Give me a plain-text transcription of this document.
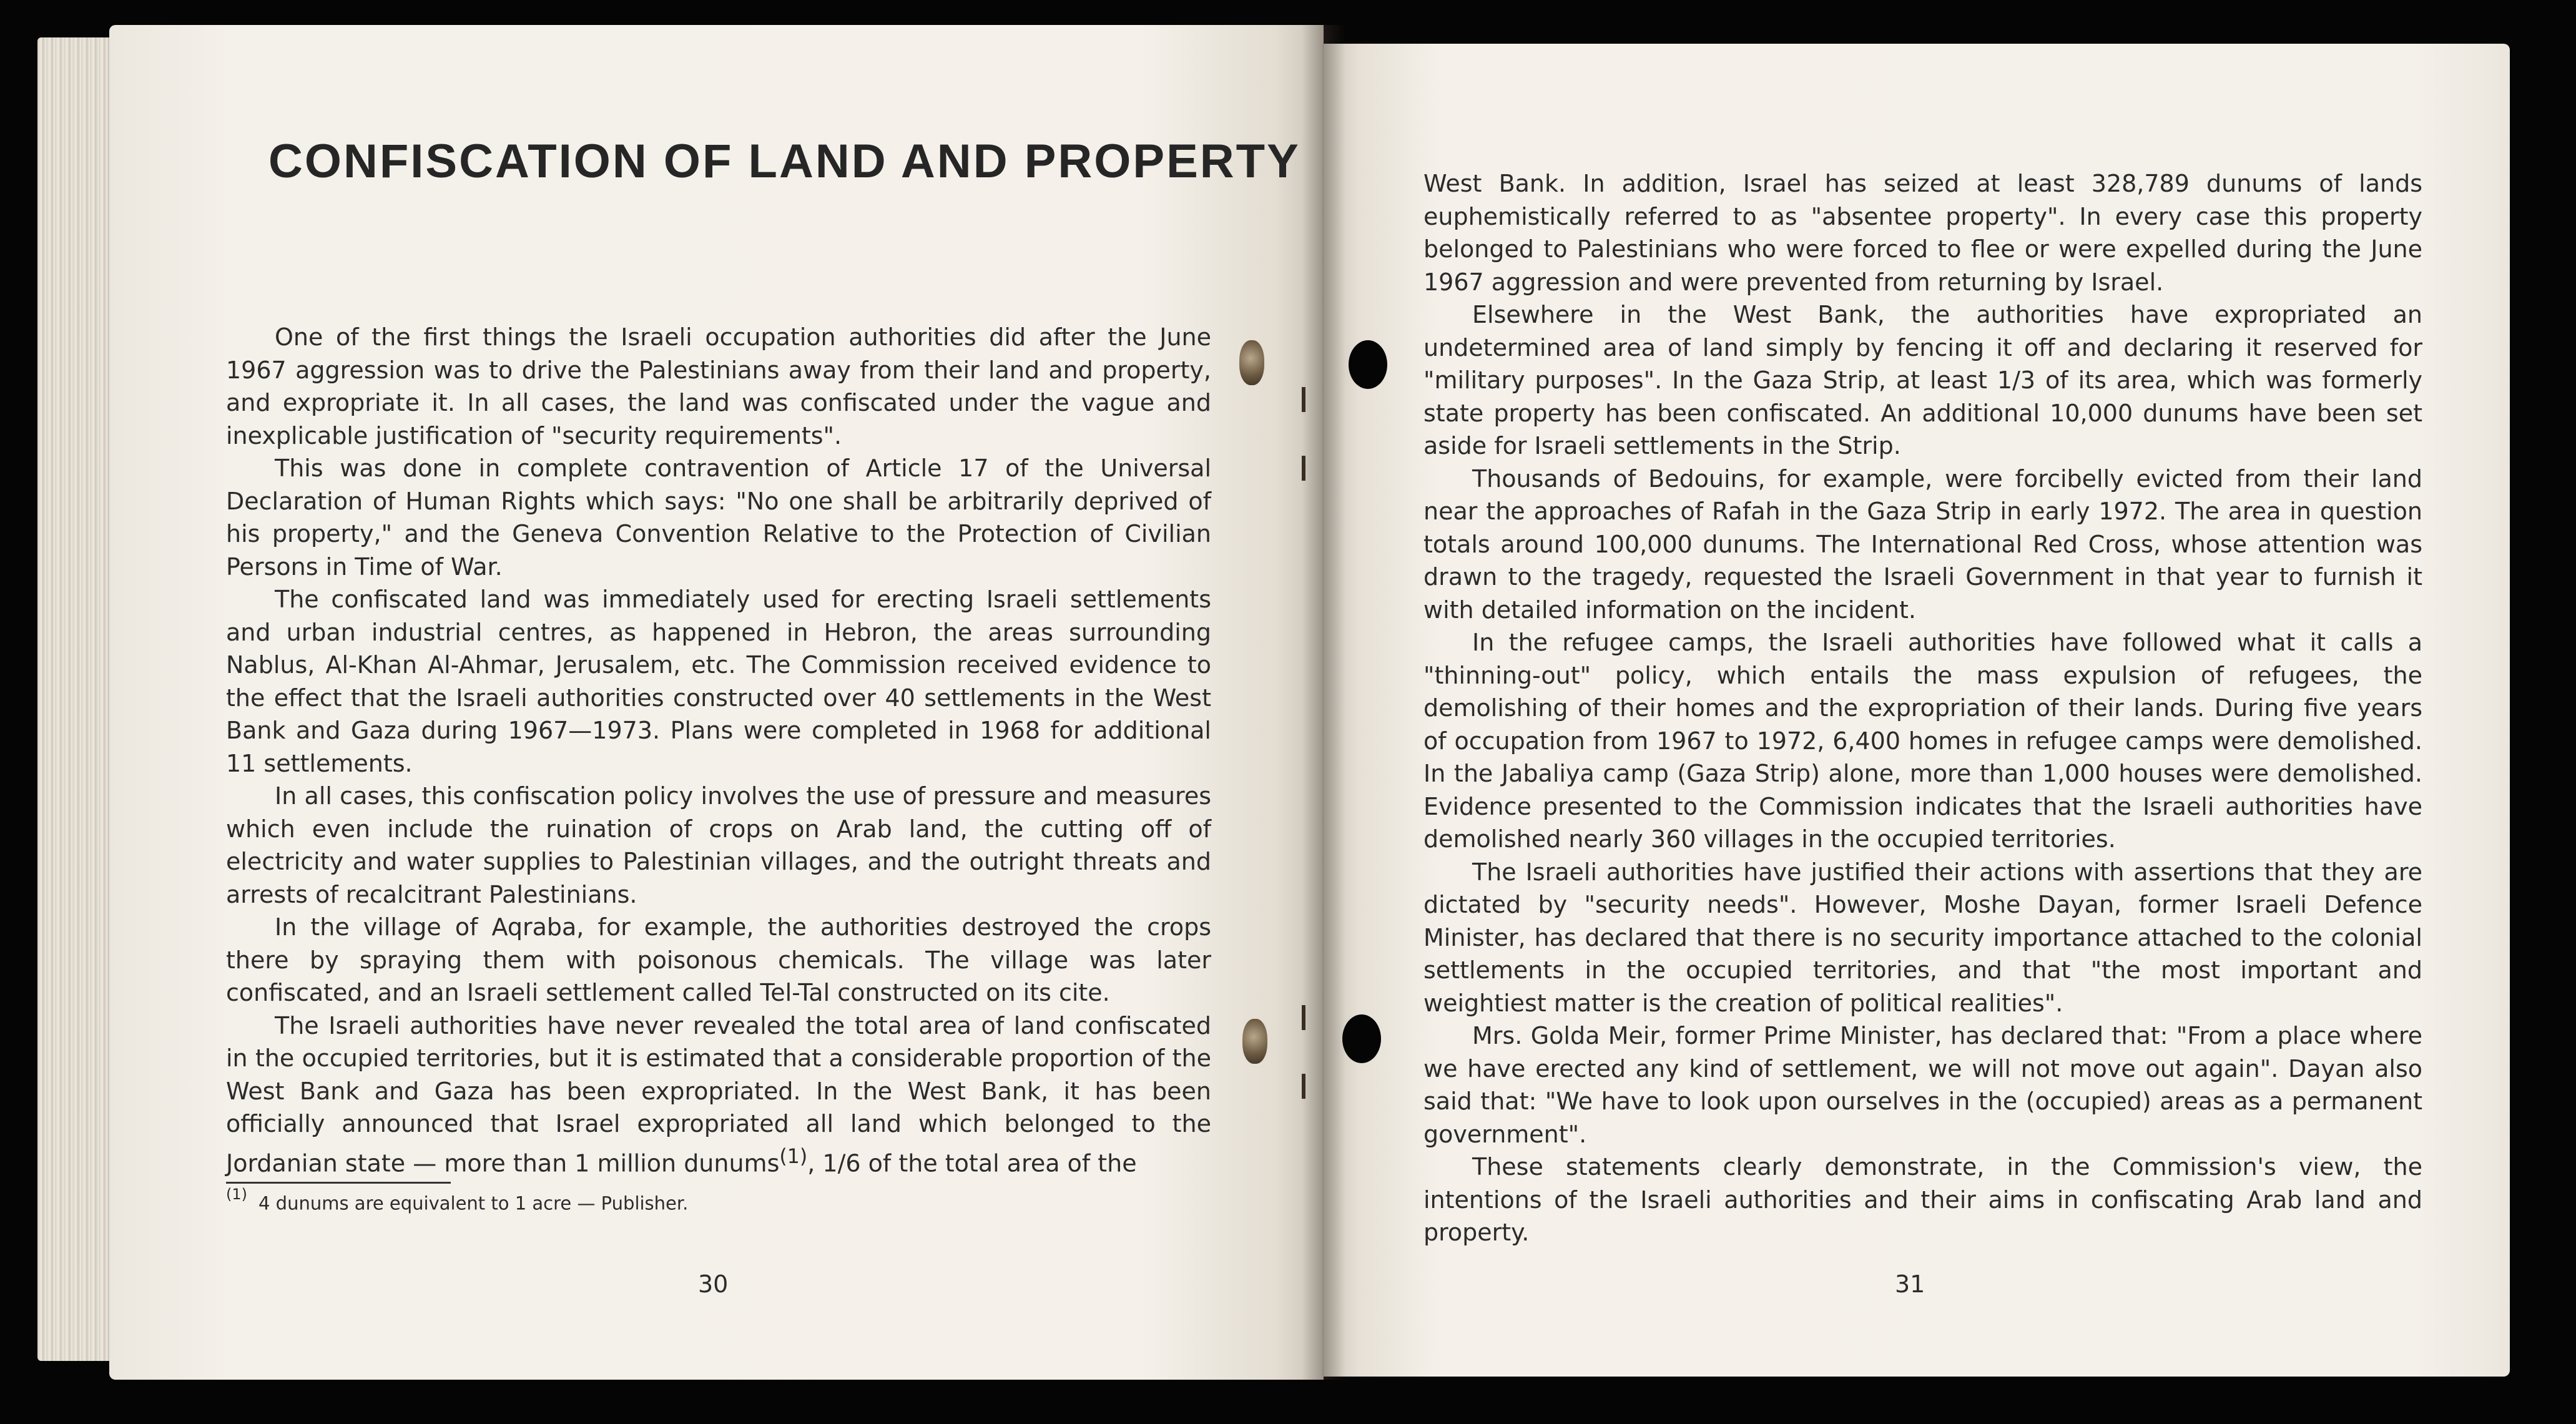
CONFISCATION OF LAND AND PROPERTY

One of the first things the Israeli occupation authorities did after the June 1967 aggression was to drive the Palestinians away from their land and property, and expropriate it. In all cases, the land was confiscated under the vague and inexplicable justification of "security requirements".

This was done in complete contravention of Article 17 of the Universal Declaration of Human Rights which says: "No one shall be arbitrarily deprived of his property," and the Geneva Convention Relative to the Protection of Civilian Persons in Time of War.

The confiscated land was immediately used for erecting Israeli settlements and urban industrial centres, as happened in Hebron, the areas surrounding Nablus, Al-Khan Al-Ahmar, Jerusalem, etc. The Commission received evidence to the effect that the Israeli authorities constructed over 40 settlements in the West Bank and Gaza during 1967—1973. Plans were completed in 1968 for additional 11 settlements.

In all cases, this confiscation policy involves the use of pressure and measures which even include the ruination of crops on Arab land, the cutting off of electricity and water supplies to Palestinian villages, and the outright threats and arrests of recalcitrant Palestinians.

In the village of Aqraba, for example, the authorities destroyed the crops there by spraying them with poisonous chemicals. The village was later confiscated, and an Israeli settlement called Tel-Tal constructed on its cite.

The Israeli authorities have never revealed the total area of land confiscated in the occupied territories, but it is estimated that a considerable proportion of the West Bank and Gaza has been expropriated. In the West Bank, it has been officially announced that Israel expropriated all land which belonged to the Jordanian state — more than 1 million dunums$^{(1)}$, 1/6 of the total area of the

$^{(1)}$ 4 dunums are equivalent to 1 acre — Publisher.
30

West Bank. In addition, Israel has seized at least 328,789 dunums of lands euphemistically referred to as "absentee property". In every case this property belonged to Palestinians who were forced to flee or were expelled during the June 1967 aggression and were prevented from returning by Israel.

Elsewhere in the West Bank, the authorities have expropriated an undetermined area of land simply by fencing it off and declaring it reserved for "military purposes". In the Gaza Strip, at least 1/3 of its area, which was formerly state property has been confiscated. An additional 10,000 dunums have been set aside for Israeli settlements in the Strip.

Thousands of Bedouins, for example, were forcibelly evicted from their land near the approaches of Rafah in the Gaza Strip in early 1972. The area in question totals around 100,000 dunums. The International Red Cross, whose attention was drawn to the tragedy, requested the Israeli Government in that year to furnish it with detailed information on the incident.

In the refugee camps, the Israeli authorities have followed what it calls a "thinning-out" policy, which entails the mass expulsion of refugees, the demolishing of their homes and the expropriation of their lands. During five years of occupation from 1967 to 1972, 6,400 homes in refugee camps were demolished. In the Jabaliya camp (Gaza Strip) alone, more than 1,000 houses were demolished. Evidence presented to the Commission indicates that the Israeli authorities have demolished nearly 360 villages in the occupied territories.

The Israeli authorities have justified their actions with assertions that they are dictated by "security needs". However, Moshe Dayan, former Israeli Defence Minister, has declared that there is no security importance attached to the colonial settlements in the occupied territories, and that "the most important and weightiest matter is the creation of political realities".

Mrs. Golda Meir, former Prime Minister, has declared that: "From a place where we have erected any kind of settlement, we will not move out again". Dayan also said that: "We have to look upon ourselves in the (occupied) areas as a permanent government".

These statements clearly demonstrate, in the Commission's view, the intentions of the Israeli authorities and their aims in confiscating Arab land and property.

31
